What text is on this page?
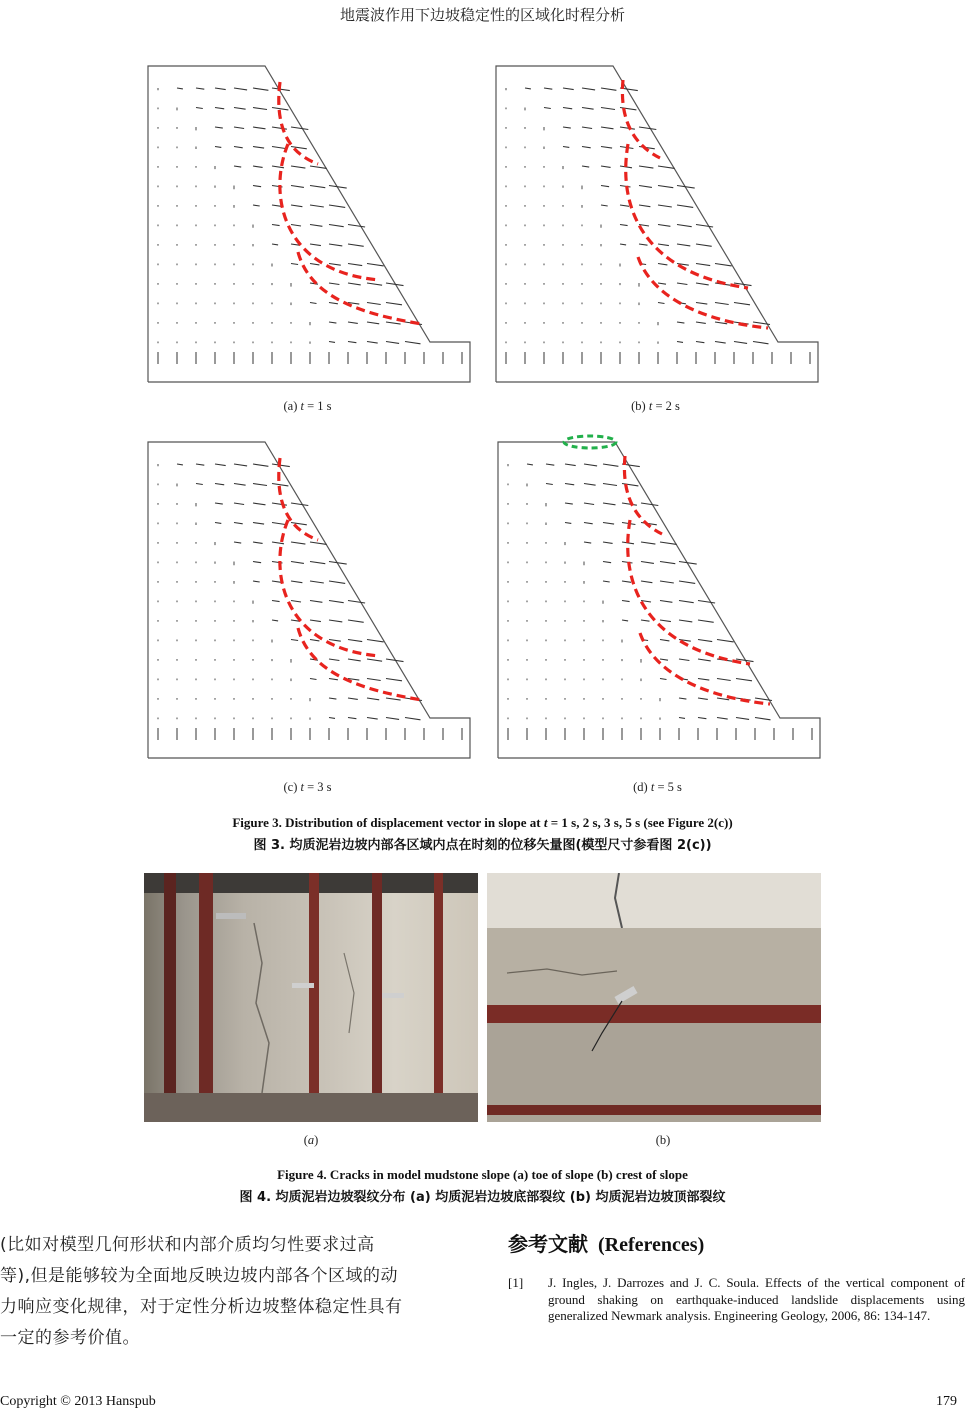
地震波作用下边坡稳定性的区域化时程分析
(a) t = 1 s	(b) t = 2 s
(c) t = 3 s	(d) t = 5 s
Figure 3. Distribution of displacement vector in slope at t = 1 s, 2 s, 3 s, 5 s (see Figure 2(c))
图 3. 均质泥岩边坡内部各区域内点在时刻的位移矢量图(模型尺寸参看图 2(c))
(a)	(b)
Figure 4. Cracks in model mudstone slope (a) toe of slope (b) crest of slope
图 4. 均质泥岩边坡裂纹分布 (a) 均质泥岩边坡底部裂纹 (b) 均质泥岩边坡顶部裂纹
(比如对模型几何形状和内部介质均匀性要求过高
等),但是能够较为全面地反映边坡内部各个区域的动
力响应变化规律，对于定性分析边坡整体稳定性具有
一定的参考价值。
参考文献 (References)
[1] J. Ingles, J. Darrozes and J. C. Soula. Effects of the vertical component of ground shaking on earthquake-induced landslide displacements using generalized Newmark analysis. Engineering Geology, 2006, 86: 134-147.
Copyright © 2013 Hanspub	179
